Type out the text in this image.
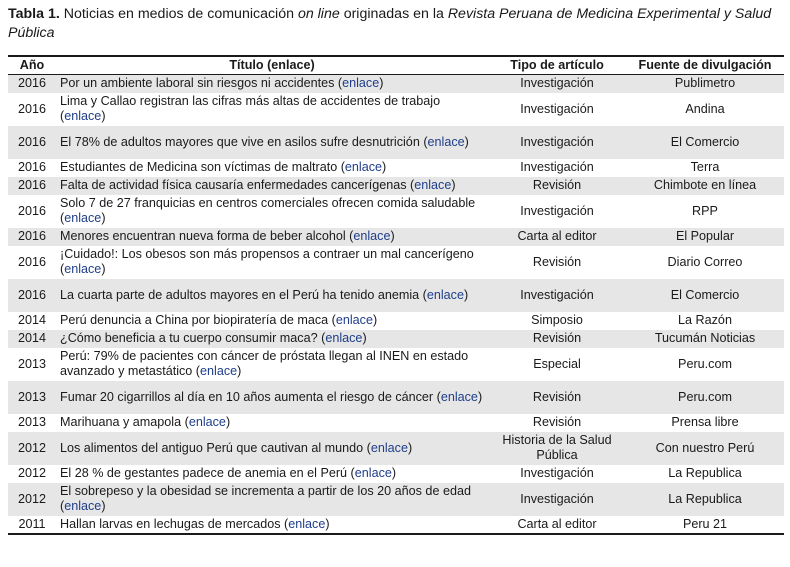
Tabla 1. Noticias en medios de comunicación on line originadas en la Revista Peruana de Medicina Experimental y Salud Pública
Año	Título (enlace)	Tipo de artículo	Fuente de divulgación
2016	Por un ambiente laboral sin riesgos ni accidentes (enlace)	Investigación	Publimetro
2016	Lima y Callao registran las cifras más altas de accidentes de trabajo (enlace)	Investigación	Andina
2016	El 78% de adultos mayores que vive en asilos sufre desnutrición (enlace)	Investigación	El Comercio
2016	Estudiantes de Medicina son víctimas de maltrato (enlace)	Investigación	Terra
2016	Falta de actividad física causaría enfermedades cancerígenas (enlace)	Revisión	Chimbote en línea
2016	Solo 7 de 27 franquicias en centros comerciales ofrecen comida saludable (enlace)	Investigación	RPP
2016	Menores encuentran nueva forma de beber alcohol (enlace)	Carta al editor	El Popular
2016	¡Cuidado!: Los obesos son más propensos a contraer un mal cancerígeno (enlace)	Revisión	Diario Correo
2016	La cuarta parte de adultos mayores en el Perú ha tenido anemia (enlace)	Investigación	El Comercio
2014	Perú denuncia a China por biopiratería de maca (enlace)	Simposio	La Razón
2014	¿Cómo beneficia a tu cuerpo consumir maca? (enlace)	Revisión	Tucumán Noticias
2013	Perú: 79% de pacientes con cáncer de próstata llegan al INEN en estado avanzado y metastático (enlace)	Especial	Peru.com
2013	Fumar 20 cigarrillos al día en 10 años aumenta el riesgo de cáncer (enlace)	Revisión	Peru.com
2013	Marihuana y amapola (enlace)	Revisión	Prensa libre
2012	Los alimentos del antiguo Perú que cautivan al mundo (enlace)	Historia de la Salud Pública	Con nuestro Perú
2012	El 28 % de gestantes padece de anemia en el Perú (enlace)	Investigación	La Republica
2012	El sobrepeso y la obesidad se incrementa a partir de los 20 años de edad (enlace)	Investigación	La Republica
2011	Hallan larvas en lechugas de mercados (enlace)	Carta al editor	Peru 21
